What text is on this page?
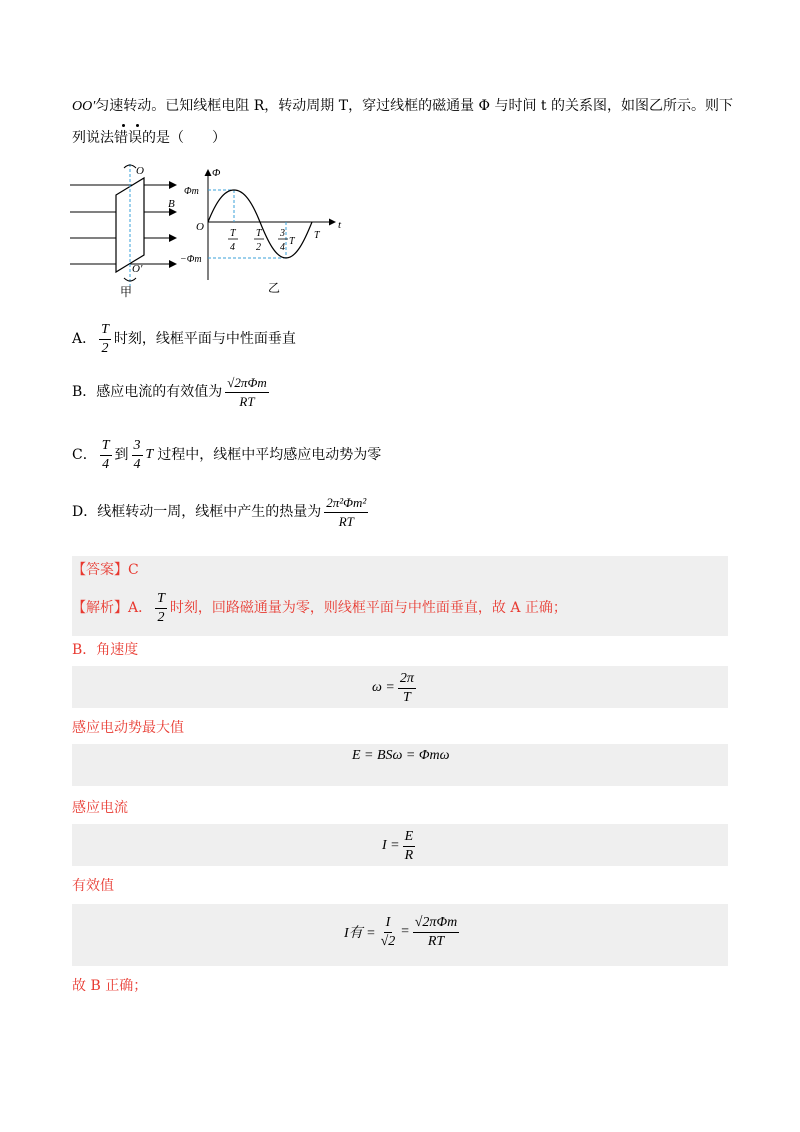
OO′匀速转动。已知线框电阻 R，转动周期 T，穿过线框的磁通量 Φ 与时间 t 的关系图，如图乙所示。则下
列说法错误的是（　　）
O
B
O′
甲
Φ
t
O
Φm
−Φm
T
4
T
2
3
4
T
T
乙
A． $\frac{T}{2}$ 时刻，线框平面与中性面垂直
B． 感应电流的有效值为 $\frac{\text{√2πΦm}}{RT}$
C． $\frac{T}{4}$ 到 $\frac{3}{4}$ T 过程中，线框中平均感应电动势为零
D． 线框转动一周，线框中产生的热量为 $\frac{\text{2π²Φm²}}{RT}$
【答案】C
【解析】 A． $\frac{T}{2}$ 时刻，回路磁通量为零，则线框平面与中性面垂直，故 A 正确；
B．角速度
$\omega = \frac{2\pi}{T}$
感应电动势最大值
E = BSω = Φmω
感应电流
$I = \frac{E}{R}$
有效值
I有 = $\frac{I}{√2} = \frac{\text{√2πΦm}}{RT}$
故 B 正确；
